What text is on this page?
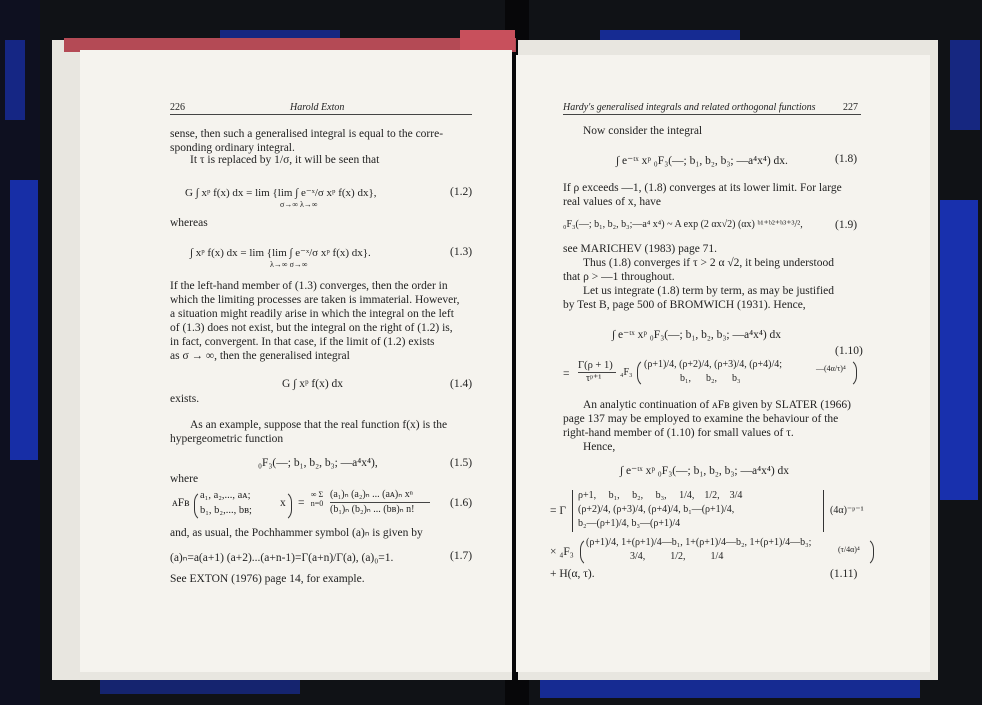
226	Harold Exton
sense, then such a generalised integral is equal to the corre-
sponding ordinary integral.
It τ is replaced by 1/σ, it will be seen that
G ∫ xᵖ f(x) dx = lim {lim ∫ e⁻ˣ/σ xᵖ f(x) dx},
σ→∞ λ→∞
(1.2)
whereas
∫ xᵖ f(x) dx = lim {lim ∫ e⁻ˣ/σ xᵖ f(x) dx}.
λ→∞ σ→∞
(1.3)
If the left-hand member of (1.3) converges, then the order in
which the limiting processes are taken is immaterial. However,
a situation might readily arise in which the integral on the left
of (1.3) does not exist, but the integral on the right of (1.2) is,
in fact, convergent. In that case, if the limit of (1.2) exists
as σ → ∞, then the generalised integral
G ∫ xᵖ f(x) dx	(1.4)
exists.
As an example, suppose that the real function f(x) is the
hypergeometric function
₀F₃(—; b₁, b₂, b₃; —a⁴x⁴),	(1.5)
where
ᴀFʙ
a₁, a₂,..., aᴀ;
b₁, b₂,..., bʙ;
x =
∞ Σ n=0
(a₁)ₙ (a₂)ₙ ... (aᴀ)ₙ xⁿ
(b₁)ₙ (b₂)ₙ ... (bʙ)ₙ n!
(1.6)
and, as usual, the Pochhammer symbol (a)ₙ is given by
(a)ₙ=a(a+1) (a+2)...(a+n-1)=Γ(a+n)/Γ(a), (a)₀=1.	(1.7)
See EXTON (1976) page 14, for example.
Hardy's generalised integrals and related orthogonal functions	227
Now consider the integral
∫ e⁻ᵗˣ xᵖ ₀F₃(—; b₁, b₂, b₃; —a⁴x⁴) dx.	(1.8)
If ρ exceeds —1, (1.8) converges at its lower limit. For large
real values of x, have
₀F₃(—; b₁, b₂, b₃;—a⁴ x⁴) ~ A exp (2 αx√2) (αx) ᵇ¹⁺ᵇ²⁺ᵇ³⁺³/²,	(1.9)
see MARICHEV (1983) page 71.
Thus (1.8) converges if τ > 2 α √2, it being understood
that ρ > —1 throughout.
Let us integrate (1.8) term by term, as may be justified
by Test B, page 500 of BROMWICH (1931). Hence,
∫ e⁻ᵗˣ xᵖ ₀F₃(—; b₁, b₂, b₃; —a⁴x⁴) dx
(1.10)
=
Γ(ρ + 1)
τᵖ⁺¹
₄F₃
(ρ+1)/4, (ρ+2)/4, (ρ+3)/4, (ρ+4)/4;
b₁,      b₂,      b₃
—(4α/τ)⁴
An analytic continuation of ᴀFʙ given by SLATER (1966)
page 137 may be employed to examine the behaviour of the
right-hand member of (1.10) for small values of τ.
Hence,
∫ e⁻ᵗˣ xᵖ ₀F₃(—; b₁, b₂, b₃; —a⁴x⁴) dx
= Γ
ρ+1,     b₁,     b₂,     b₃,     1/4,    1/2,    3/4
(ρ+2)/4, (ρ+3)/4, (ρ+4)/4, b₁—(ρ+1)/4,
b₂—(ρ+1)/4, b₃—(ρ+1)/4
(4α)⁻ᵖ⁻¹
× ₄F₃
(ρ+1)/4, 1+(ρ+1)/4—b₁, 1+(ρ+1)/4—b₂, 1+(ρ+1)/4—b₃;
3/4,          1/2,          1/4
(τ/4α)⁴
+ H(α, τ).	(1.11)
